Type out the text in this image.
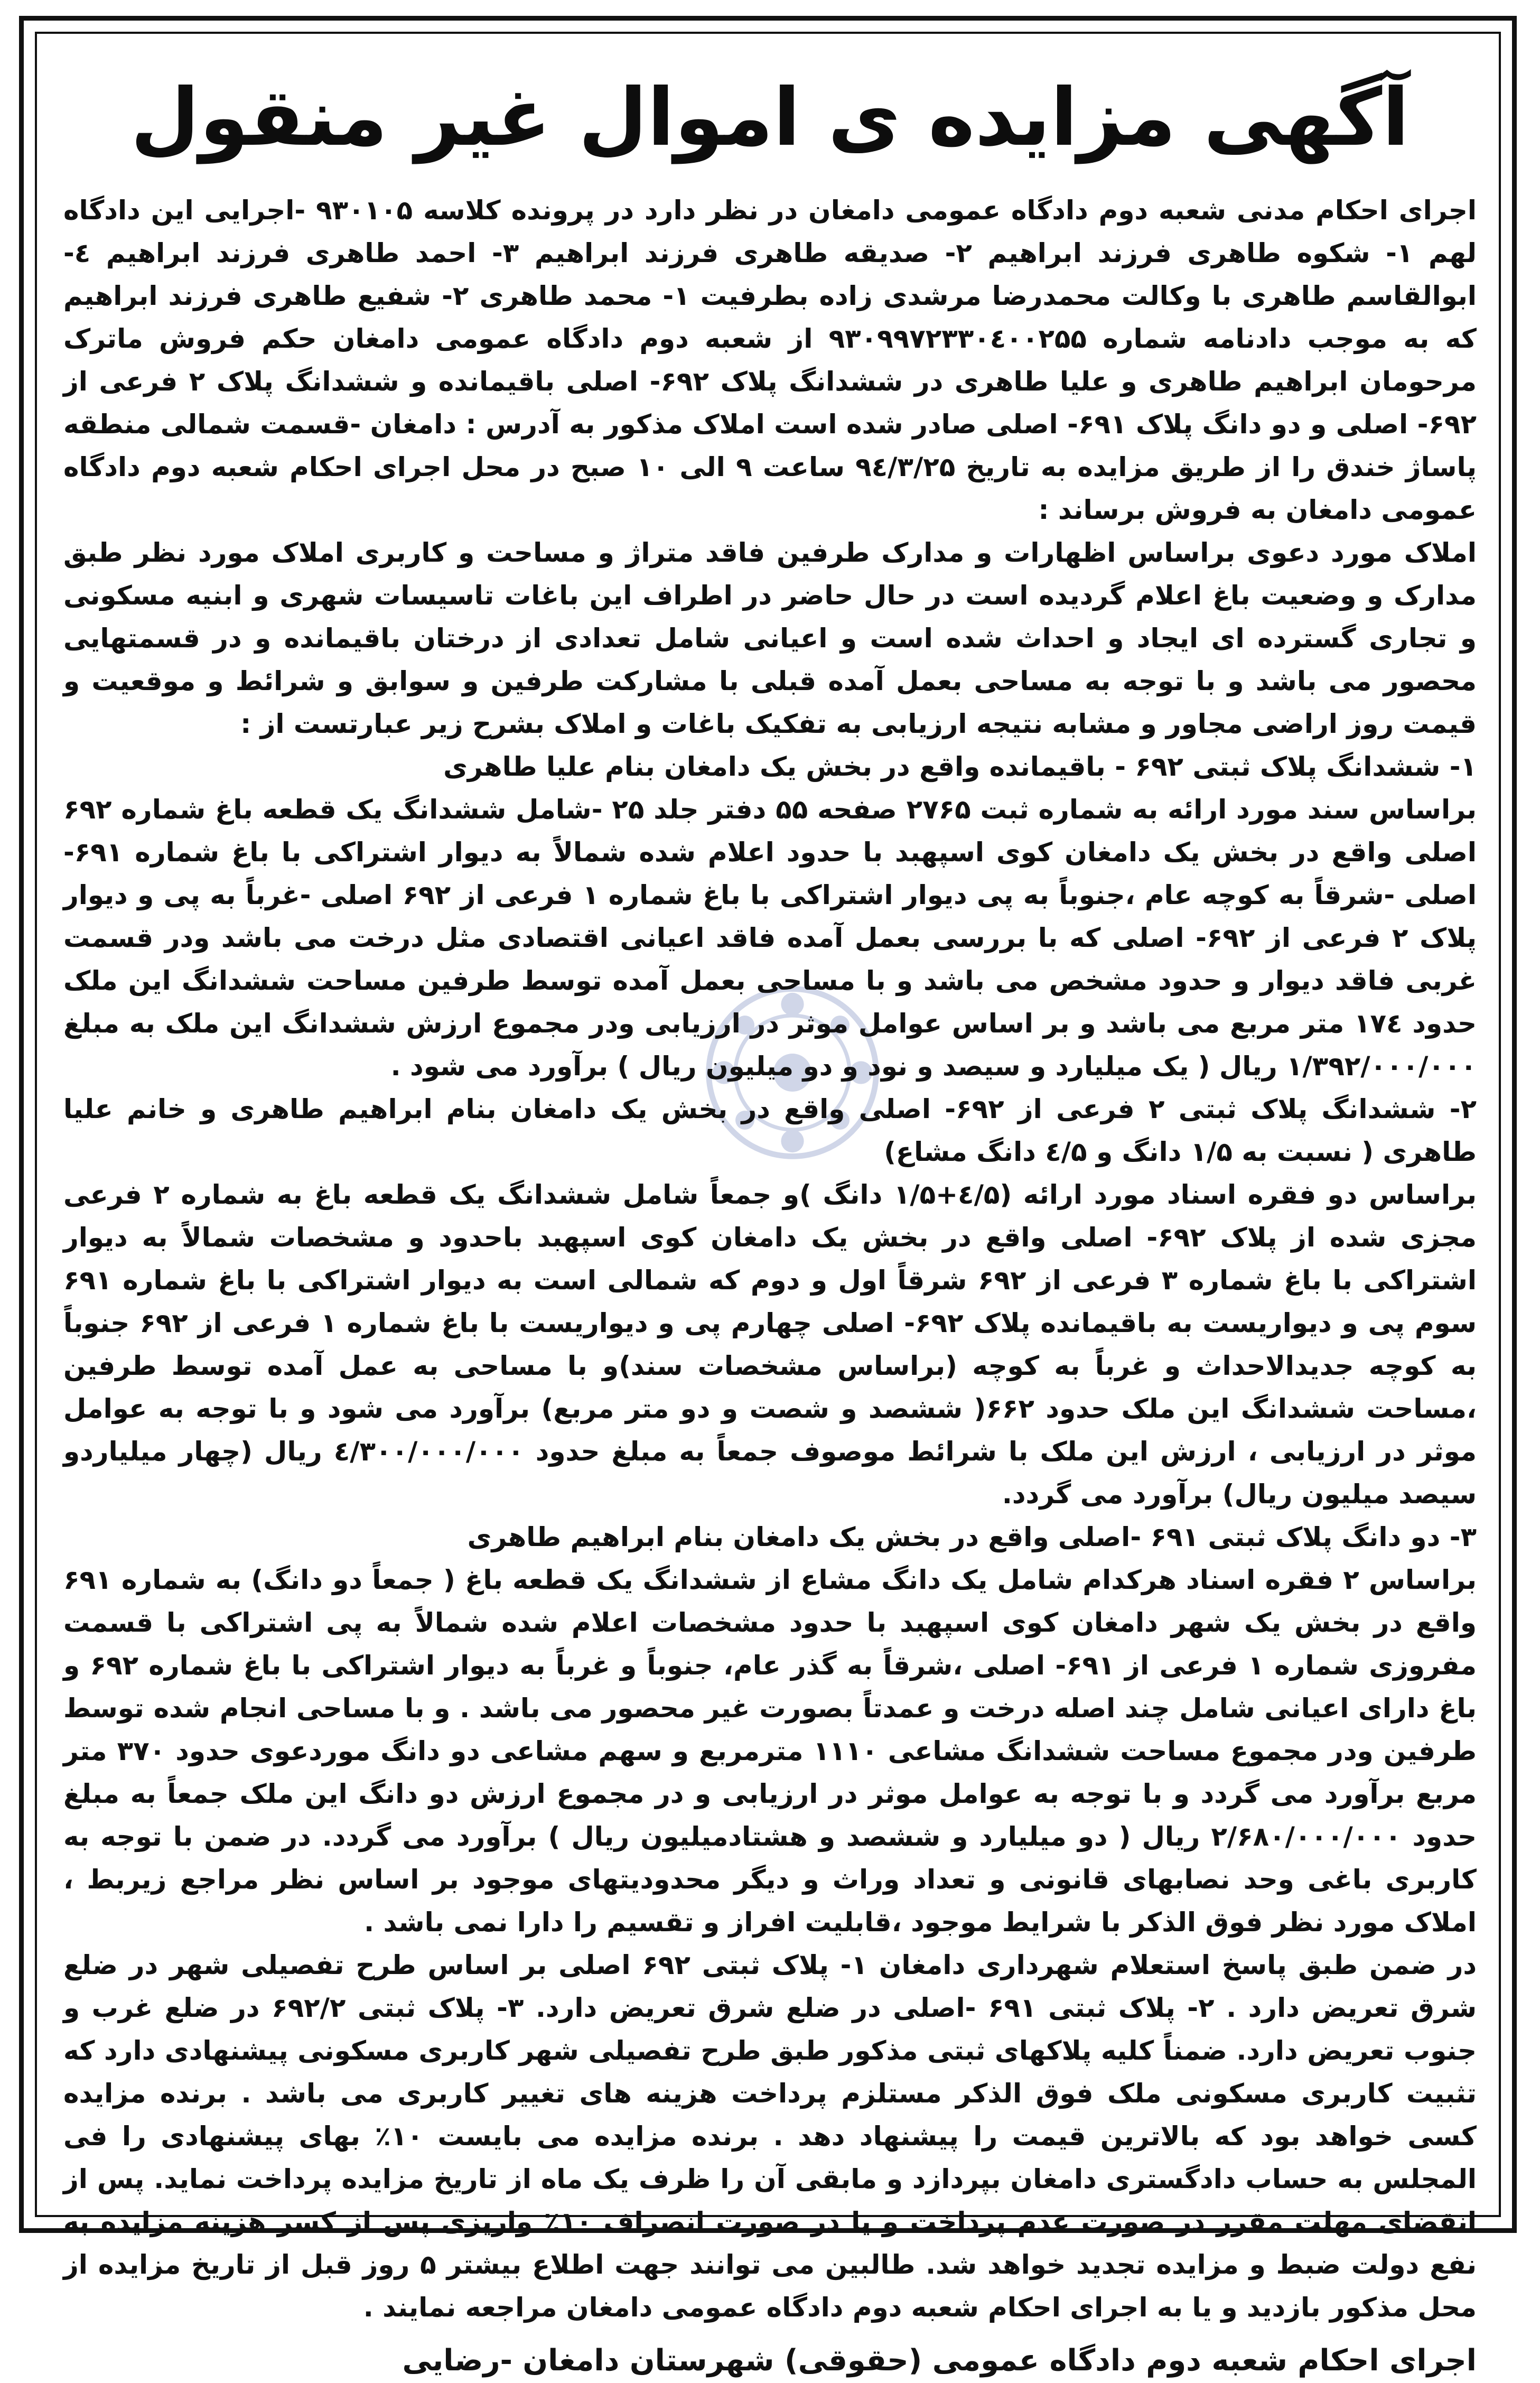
آگهی مزایده ی اموال غیر منقول

اجرای احکام مدنی شعبه دوم دادگاه عمومی دامغان در نظر دارد در پرونده کلاسه ۹۳۰۱۰۵ -اجرایی این دادگاه لهم ۱- شکوه طاهری فرزند ابراهیم ۲- صدیقه طاهری فرزند ابراهیم ۳- احمد طاهری فرزند ابراهیم ٤- ابوالقاسم طاهری با وکالت محمدرضا مرشدی زاده بطرفیت ۱- محمد طاهری ۲- شفیع طاهری فرزند ابراهیم که به موجب دادنامه شماره ۹۳۰۹۹۷۲۳۳۰٤۰۰۲۵۵ از شعبه دوم دادگاه عمومی دامغان حکم فروش ماترک مرحومان ابراهیم طاهری و علیا طاهری در ششدانگ پلاک ۶۹۲- اصلی باقیمانده و ششدانگ پلاک ۲ فرعی از ۶۹۲- اصلی و دو دانگ پلاک ۶۹۱- اصلی صادر شده است املاک مذکور به آدرس : دامغان -قسمت شمالی منطقه پاساژ خندق را از طریق مزایده به تاریخ ۹٤/۳/۲۵ ساعت ۹ الی ۱۰ صبح در محل اجرای احکام شعبه دوم دادگاه عمومی دامغان به فروش برساند :

املاک مورد دعوی براساس اظهارات و مدارک طرفین فاقد متراژ و مساحت و کاربری املاک مورد نظر طبق مدارک و وضعیت باغ اعلام گردیده است در حال حاضر در اطراف این باغات تاسیسات شهری و ابنیه مسکونی و تجاری گسترده ای ایجاد و احداث شده است و اعیانی شامل تعدادی از درختان باقیمانده و در قسمتهایی محصور می باشد و با توجه به مساحی بعمل آمده قبلی با مشارکت طرفین و سوابق و شرائط و موقعیت و قیمت روز اراضی مجاور و مشابه نتیجه ارزیابی به تفکیک باغات و املاک بشرح زیر عبارتست از :

۱- ششدانگ پلاک ثبتی ۶۹۲ - باقیمانده واقع در بخش یک دامغان بنام علیا طاهری

براساس سند مورد ارائه به شماره ثبت ۲۷۶۵ صفحه ۵۵ دفتر جلد ۲۵ -شامل ششدانگ یک قطعه باغ شماره ۶۹۲ اصلی واقع در بخش یک دامغان کوی اسپهبد با حدود اعلام شده شمالاً به دیوار اشتراکی با باغ شماره ۶۹۱- اصلی -شرقاً به کوچه عام ،جنوباً به پی دیوار اشتراکی با باغ شماره ۱ فرعی از ۶۹۲ اصلی -غرباً به پی و دیوار پلاک ۲ فرعی از ۶۹۲- اصلی که با بررسی بعمل آمده فاقد اعیانی اقتصادی مثل درخت می باشد ودر قسمت غربی فاقد دیوار و حدود مشخص می باشد و با مساحی بعمل آمده توسط طرفین مساحت ششدانگ این ملک حدود ۱۷٤ متر مربع می باشد و بر اساس عوامل موثر در ارزیابی ودر مجموع ارزش ششدانگ این ملک به مبلغ ۱/۳۹۲/۰۰۰/۰۰۰ ریال ( یک میلیارد و سیصد و نود و دو میلیون ریال ) برآورد می شود .

۲- ششدانگ پلاک ثبتی ۲ فرعی از ۶۹۲- اصلی واقع در بخش یک دامغان بنام ابراهیم طاهری و خانم علیا طاهری ( نسبت به ۱/۵ دانگ و ٤/۵ دانگ مشاع)

براساس دو فقره اسناد مورد ارائه (٤/۵+۱/۵ دانگ )و جمعاً شامل ششدانگ یک قطعه باغ به شماره ۲ فرعی مجزی شده از پلاک ۶۹۲- اصلی واقع در بخش یک دامغان کوی اسپهبد باحدود و مشخصات شمالاً به دیوار اشتراکی با باغ شماره ۳ فرعی از ۶۹۲ شرقاً اول و دوم که شمالی است به دیوار اشتراکی با باغ شماره ۶۹۱ سوم پی و دیواریست به باقیمانده پلاک ۶۹۲- اصلی چهارم پی و دیواریست با باغ شماره ۱ فرعی از ۶۹۲ جنوباً به کوچه جدیدالاحداث و غرباً به کوچه (براساس مشخصات سند)و با مساحی به عمل آمده توسط طرفین ،مساحت ششدانگ این ملک حدود ۶۶۲( ششصد و شصت و دو متر مربع) برآورد می شود و با توجه به عوامل موثر در ارزیابی ، ارزش این ملک با شرائط موصوف جمعاً به مبلغ حدود ٤/۳۰۰/۰۰۰/۰۰۰ ریال (چهار میلیاردو سیصد میلیون ریال) برآورد می گردد.

۳- دو دانگ پلاک ثبتی ۶۹۱ -اصلی واقع در بخش یک دامغان بنام ابراهیم طاهری

براساس ۲ فقره اسناد هرکدام شامل یک دانگ مشاع از ششدانگ یک قطعه باغ ( جمعاً دو دانگ) به شماره ۶۹۱ واقع در بخش یک شهر دامغان کوی اسپهبد با حدود مشخصات اعلام شده شمالاً به پی اشتراکی با قسمت مفروزی شماره ۱ فرعی از ۶۹۱- اصلی ،شرقاً به گذر عام، جنوباً و غرباً به دیوار اشتراکی با باغ شماره ۶۹۲ و باغ دارای اعیانی شامل چند اصله درخت و عمدتاً بصورت غیر محصور می باشد . و با مساحی انجام شده توسط طرفین ودر مجموع مساحت ششدانگ مشاعی ۱۱۱۰ مترمربع و سهم مشاعی دو دانگ موردعوی حدود ۳۷۰ متر مربع برآورد می گردد و با توجه به عوامل موثر در ارزیابی و در مجموع ارزش دو دانگ این ملک جمعاً به مبلغ حدود ۲/۶۸۰/۰۰۰/۰۰۰ ریال ( دو میلیارد و ششصد و هشتادمیلیون ریال ) برآورد می گردد. در ضمن با توجه به کاربری باغی وحد نصابهای قانونی و تعداد وراث و دیگر محدودیتهای موجود بر اساس نظر مراجع زیربط ، املاک مورد نظر فوق الذکر با شرایط موجود ،قابلیت افراز و تقسیم را دارا نمی باشد .

در ضمن طبق پاسخ استعلام شهرداری دامغان ۱- پلاک ثبتی ۶۹۲ اصلی بر اساس طرح تفصیلی شهر در ضلع شرق تعریض دارد . ۲- پلاک ثبتی ۶۹۱ -اصلی در ضلع شرق تعریض دارد. ۳- پلاک ثبتی ۶۹۲/۲ در ضلع غرب و جنوب تعریض دارد. ضمناً کلیه پلاکهای ثبتی مذکور طبق طرح تفصیلی شهر کاربری مسکونی پیشنهادی دارد که تثبیت کاربری مسکونی ملک فوق الذکر مستلزم پرداخت هزینه های تغییر کاربری می باشد . برنده مزایده کسی خواهد بود که بالاترین قیمت را پیشنهاد دهد . برنده مزایده می بایست ۱۰٪ بهای پیشنهادی را فی المجلس به حساب دادگستری دامغان بپردازد و مابقی آن را ظرف یک ماه از تاریخ مزایده پرداخت نماید. پس از انقضای مهلت مقرر در صورت عدم پرداخت و یا در صورت انصراف ۱۰٪ واریزی پس از کسر هزینه مزایده به نفع دولت ضبط و مزایده تجدید خواهد شد. طالبین می توانند جهت اطلاع بیشتر ۵ روز قبل از تاریخ مزایده از محل مذکور بازدید و یا به اجرای احکام شعبه دوم دادگاه عمومی دامغان مراجعه نمایند .

اجرای احکام شعبه دوم دادگاه عمومی (حقوقی) شهرستان دامغان -رضایی
